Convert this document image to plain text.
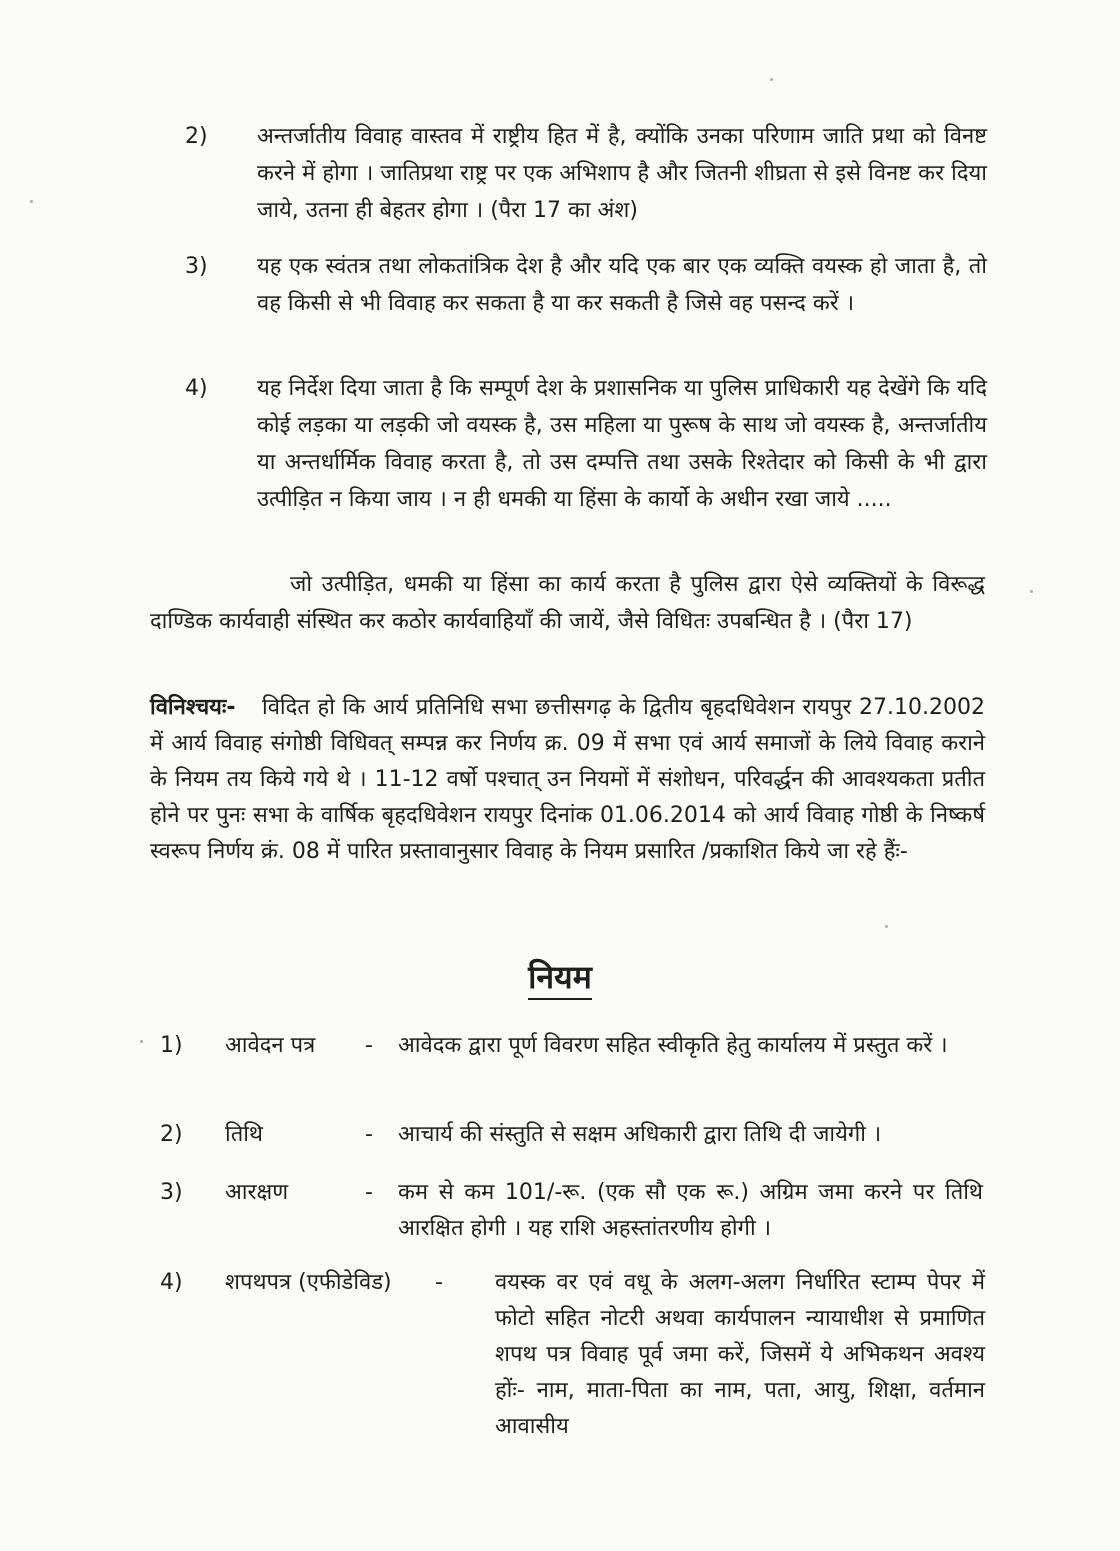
2)	अन्तर्जातीय विवाह वास्तव में राष्ट्रीय हित में है, क्योंकि उनका परिणाम जाति प्रथा को विनष्ट करने में होगा । जातिप्रथा राष्ट्र पर एक अभिशाप है और जितनी शीघ्रता से इसे विनष्ट कर दिया जाये, उतना ही बेहतर होगा । (पैरा 17 का अंश)
3)	यह एक स्वंतत्र तथा लोकतांत्रिक देश है और यदि एक बार एक व्यक्ति वयस्क हो जाता है, तो वह किसी से भी विवाह कर सकता है या कर सकती है जिसे वह पसन्द करें ।
4)	यह निर्देश दिया जाता है कि सम्पूर्ण देश के प्रशासनिक या पुलिस प्राधिकारी यह देखेंगे कि यदि कोई लड़का या लड़की जो वयस्क है, उस महिला या पुरूष के साथ जो वयस्क है, अन्तर्जातीय या अन्तर्धार्मिक विवाह करता है, तो उस दम्पत्ति तथा उसके रिश्तेदार को किसी के भी द्वारा उत्पीड़ित न किया जाय । न ही धमकी या हिंसा के कार्यो के अधीन रखा जाये .....
जो उत्पीड़ित, धमकी या हिंसा का कार्य करता है पुलिस द्वारा ऐसे व्यक्तियों के विरूद्ध दाण्डिक कार्यवाही संस्थित कर कठोर कार्यवाहियाँ की जायें, जैसे विधितः उपबन्धित है । (पैरा 17)
विनिश्चयः-	विदित हो कि आर्य प्रतिनिधि सभा छत्तीसगढ़ के द्वितीय बृहदधिवेशन रायपुर 27.10.2002 में आर्य विवाह संगोष्ठी विधिवत् सम्पन्न कर निर्णय क्र. 09 में सभा एवं आर्य समाजों के लिये विवाह कराने के नियम तय किये गये थे । 11-12 वर्षो पश्चात् उन नियमों में संशोधन, परिवर्द्धन की आवश्यकता प्रतीत होने पर पुनः सभा के वार्षिक बृहदधिवेशन रायपुर दिनांक 01.06.2014 को आर्य विवाह गोष्ठी के निष्कर्ष स्वरूप निर्णय क्रं. 08 में पारित प्रस्तावानुसार विवाह के नियम प्रसारित /प्रकाशित किये जा रहे हैंः-
नियम
1) आवेदन पत्र - आवेदक द्वारा पूर्ण विवरण सहित स्वीकृति हेतु कार्यालय में प्रस्तुत करें ।
2) तिथि	- आचार्य की संस्तुति से सक्षम अधिकारी द्वारा तिथि दी जायेगी ।
3) आरक्षण	- कम से कम 101/-रू. (एक सौ एक रू.) अग्रिम जमा करने पर तिथि आरक्षित होगी । यह राशि अहस्तांतरणीय होगी ।
4) शपथपत्र (एफीडेविड) - वयस्क वर एवं वधू के अलग-अलग निर्धारित स्टाम्प पेपर में फोटो सहित नोटरी अथवा कार्यपालन न्यायाधीश से प्रमाणित शपथ पत्र विवाह पूर्व जमा करें, जिसमें ये अभिकथन अवश्य होंः- नाम, माता-पिता का नाम, पता, आयु, शिक्षा, वर्तमान आवासीय
